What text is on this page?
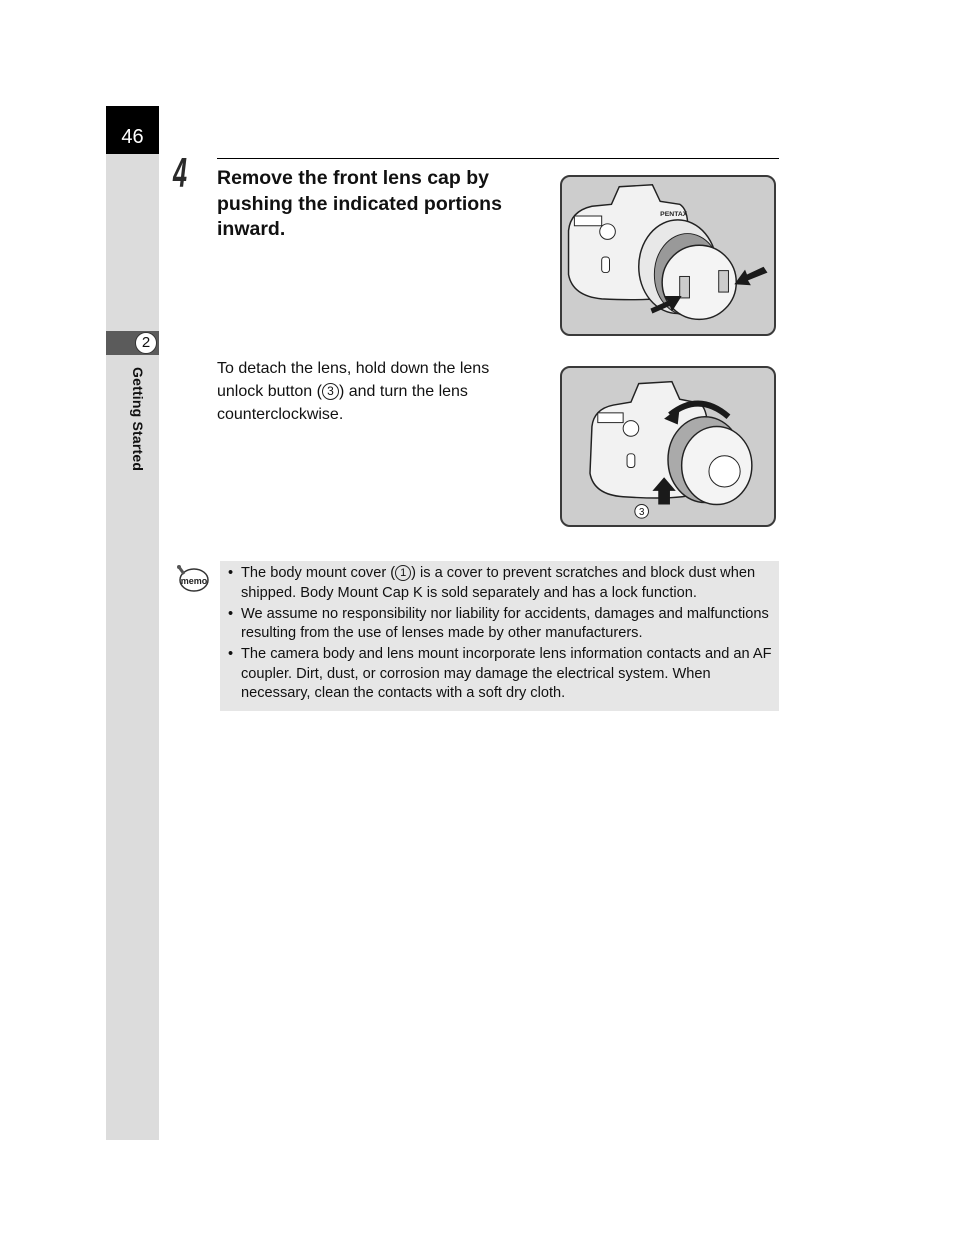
46
2
Getting Started
4 Remove the front lens cap by pushing the indicated portions inward.
PENTAX
To detach the lens, hold down the lens unlock button ( 3 ) and turn the lens counterclockwise.
3
memo
•	The body mount cover ( 1 ) is a cover to prevent scratches and block dust when shipped. Body Mount Cap K is sold separately and has a lock function.
• We assume no responsibility nor liability for accidents, damages and malfunctions resulting from the use of lenses made by other manufacturers.
• The camera body and lens mount incorporate lens information contacts and an AF coupler. Dirt, dust, or corrosion may damage the electrical system. When necessary, clean the contacts with a soft dry cloth.
